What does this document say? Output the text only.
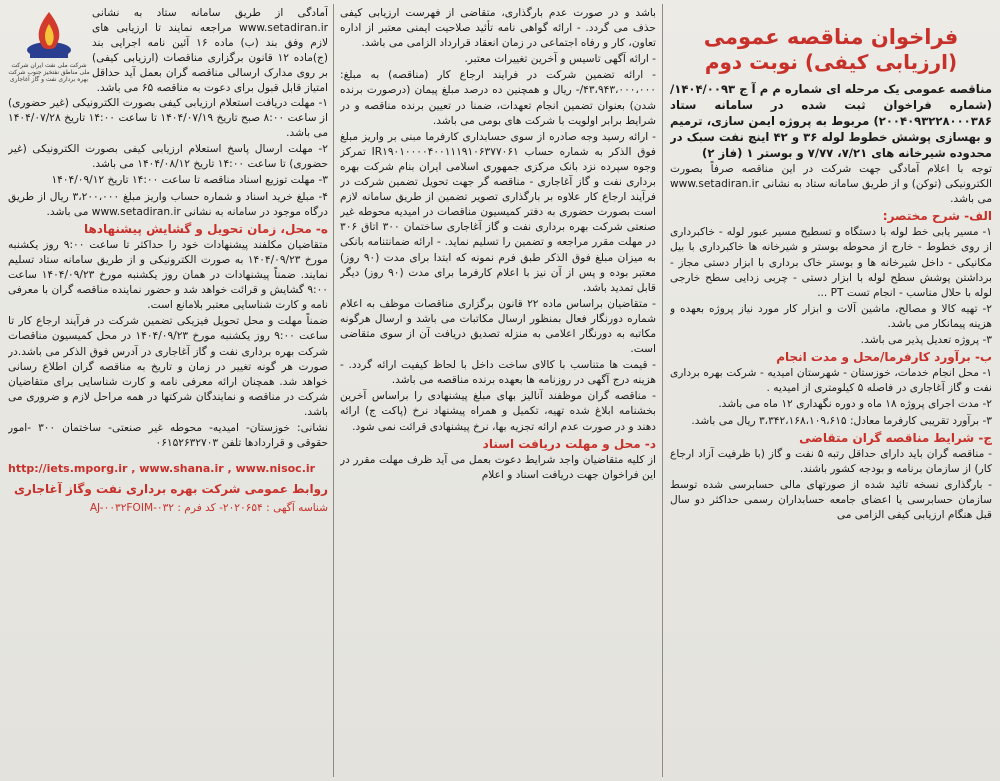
فراخوان مناقصه عمومی
(ارزیابی کیفی) نوبت دوم

مناقصه عمومی یک مرحله ای شماره م م آ ج ۱۴۰۴/۰۰۹۳/ (شماره فراخوان ثبت شده در سامانه ستاد ۲۰۰۴۰۹۳۲۲۸۰۰۰۳۸۶) مربوط به پروژه ایمن سازی، ترمیم و بهسازی پوشش خطوط لوله ۳۶ و ۴۲ اینچ نفت سبک در محدوده شیرخانه های ۷/۲۱، ۷/۷۷ و بوستر ۱ (فاز ۲)

توجه با اعلام آمادگی جهت شرکت در این مناقصه صرفاً بصورت الکترونیکی (توکن) و از طریق سامانه ستاد به نشانی www.setadiran.ir می باشد.

الف- شرح مختصر:

۱- مسیر یابی خط لوله با دستگاه و تسطیح مسیر عبور لوله - خاکبرداری از روی خطوط - خارج از محوطه بوستر و شیرخانه ها خاکبرداری با بیل مکانیکی - داخل شیرخانه ها و بوستر خاک برداری با ابزار دستی مجاز - برداشتن پوشش سطح لوله با ابزار دستی - چربی زدایی سطح خارجی لوله با حلال مناسب - انجام تست PT ...

۲- تهیه کالا و مصالح، ماشین آلات و ابزار کار مورد نیاز پروژه بعهده و هزینه پیمانکار می باشد.

۳- پروژه تعدیل پذیر می باشد.

ب- برآورد کارفرما/محل و مدت انجام

۱- محل انجام خدمات، خوزستان - شهرستان امیدیه - شرکت بهره برداری نفت و گاز آغاجاری در فاصله ۵ کیلومتری از امیدیه .

۲- مدت اجرای پروژه ۱۸ ماه و دوره نگهداری ۱۲ ماه می باشد.

۳- برآورد تقریبی کارفرما معادل: ۳،۳۴۲،۱۶۸،۱۰۹،۶۱۵ ریال می باشد.

ج- شرایط مناقصه گران متقاضی

- مناقصه گران باید دارای حداقل رتبه ۵ نفت و گاز (با ظرفیت آزاد ارجاع کار) از سازمان برنامه و بودجه کشور باشند.

- بارگذاری نسخه تائید شده از صورتهای مالی حسابرسی شده توسط سازمان حسابرسی یا اعضای جامعه حسابداران رسمی حداکثر دو سال قبل هنگام ارزیابی کیفی الزامی می

باشد و در صورت عدم بارگذاری، متقاضی از فهرست ارزیابی کیفی حذف می گردد. - ارائه گواهی نامه تأئید صلاحیت ایمنی معتبر از اداره تعاون، کار و رفاه اجتماعی در زمان انعقاد قرارداد الزامی می باشد.

- ارائه آگهی تاسیس و آخرین تغییرات معتبر.

- ارائه تضمین شرکت در فرایند ارجاع کار (مناقصه) به مبلغ: ۴۳،۹۴۳،۰۰۰،۰۰۰/- ریال و همچنین ده درصد مبلغ پیمان (درصورت برنده شدن) بعنوان تضمین انجام تعهدات، ضمنا در تعیین برنده مناقصه و در شرایط برابر اولویت با شرکت های بومی می باشد.

- ارائه رسید وجه صادره از سوی حسابداری کارفرما مبنی بر واریز مبلغ فوق الذکر به شماره حساب IR۱۹۰۱۰۰۰۰۴۰۰۱۱۱۹۱۰۶۳۷۷۰۶۱ تمرکز وجوه سپرده نزد بانک مرکزی جمهوری اسلامی ایران بنام شرکت بهره برداری نفت و گاز آغاجاری - مناقصه گر جهت تحویل تضمین شرکت در فرآیند ارجاع کار علاوه بر بارگذاری تصویر تضمین از طریق سامانه لازم است بصورت حضوری به دفتر کمیسیون مناقصات در امیدیه محوطه غیر صنعتی شرکت بهره برداری نفت و گاز آغاجاری ساختمان ۳۰۰ اتاق ۳۰۶ در مهلت مقرر مراجعه و تضمین را تسلیم نماید. - ارائه ضمانتنامه بانکی به میزان مبلغ فوق الذکر طبق فرم نمونه که ابتدا برای مدت (۹۰ روز) معتبر بوده و پس از آن نیز با اعلام کارفرما برای مدت (۹۰ روز) دیگر قابل تمدید باشد.

- متقاضیان براساس ماده ۲۲ قانون برگزاری مناقصات موظف به اعلام شماره دورنگار فعال بمنظور ارسال مکاتبات می باشد و ارسال هرگونه مکاتبه به دورنگار اعلامی به منزله تصدیق دریافت آن از سوی متقاضی است.

- قیمت ها متناسب با کالای ساخت داخل با لحاظ کیفیت ارائه گردد. - هزینه درج آگهی در روزنامه ها بعهده برنده مناقصه می باشد.

- مناقصه گران موظفند آنالیز بهای مبلغ پیشنهادی را براساس آخرین بخشنامه ابلاغ شده تهیه، تکمیل و همراه پیشنهاد نرخ (پاکت ج) ارائه دهند و در صورت عدم ارائه تجزیه بها، نرخ پیشنهادی قرائت نمی شود.

د- محل و مهلت دریافت اسناد

از کلیه متقاضیان واجد شرایط دعوت بعمل می آید ظرف مهلت مقرر در این فراخوان جهت دریافت اسناد و اعلام

شرکت ملی نفت ایران شرکت ملی مناطق نفتخیز جنوب شرکت بهره برداری نفت و گاز آغاجاری

آمادگی از طریق سامانه ستاد به نشانی www.setadiran.ir مراجعه نمایند تا ارزیابی های لازم وفق بند (ب) ماده ۱۶ آئین نامه اجرایی بند (ج)ماده ۱۲ قانون برگزاری مناقصات (ارزیابی کیفی) بر روی مدارک ارسالی مناقصه گران بعمل آید حداقل امتیاز قابل قبول برای دعوت به مناقصه ۶۵ می باشد.

۱- مهلت دریافت استعلام ارزیابی کیفی بصورت الکترونیکی (غیر حضوری) از ساعت ۸:۰۰ صبح تاریخ ۱۴۰۴/۰۷/۱۹ تا ساعت ۱۴:۰۰ تاریخ ۱۴۰۴/۰۷/۲۸ می باشد.

۲- مهلت ارسال پاسخ استعلام ارزیابی کیفی بصورت الکترونیکی (غیر حضوری) تا ساعت ۱۴:۰۰ تاریخ ۱۴۰۴/۰۸/۱۲ می باشد.

۳- مهلت توزیع اسناد مناقصه تا ساعت ۱۴:۰۰ تاریخ ۱۴۰۴/۰۹/۱۲

۴- مبلغ خرید اسناد و شماره حساب واریز مبلغ ۳،۲۰۰،۰۰۰ ریال از طریق درگاه موجود در سامانه به نشانی www.setadiran.ir می باشد.

ه- محل، زمان تحویل و گشایش پیشنهادها

متقاضیان مکلفند پیشنهادات خود را حداکثر تا ساعت ۹:۰۰ روز یکشنبه مورخ ۱۴۰۴/۰۹/۲۳ به صورت الکترونیکی و از طریق سامانه ستاد تسلیم نمایند. ضمناً پیشنهادات در همان روز یکشنبه مورخ ۱۴۰۴/۰۹/۲۳ ساعت ۹:۰۰ گشایش و قرائت خواهد شد و حضور نماینده مناقصه گران با معرفی نامه و کارت شناسایی معتبر بلامانع است.

ضمناً مهلت و محل تحویل فیزیکی تضمین شرکت در فرآیند ارجاع کار تا ساعت ۹:۰۰ روز یکشنبه مورخ ۱۴۰۴/۰۹/۲۳ در محل کمیسیون مناقصات شرکت بهره برداری نفت و گاز آغاجاری در آدرس فوق الذکر می باشد.در صورت هر گونه تغییر در زمان و تاریخ به مناقصه گران اطلاع رسانی خواهد شد. همچنان ارائه معرفی نامه و کارت شناسایی برای متقاضیان شرکت در مناقصه و نمایندگان شرکتها در همه مراحل لازم و ضروری می باشد.

نشانی: خوزستان- امیدیه- محوطه غیر صنعتی- ساختمان ۳۰۰ -امور حقوقی و قراردادها تلفن ۰۶۱۵۲۶۳۲۷۰۳

http://iets.mporg.ir , www.shana.ir , www.nisoc.ir
روابط عمومی شرکت بهره برداری نفت وگاز آغاجاری
شناسه آگهی : ۲۰۲۰۶۵۴- کد فرم : AJ-۰۰۳۲FOIM-۰۳۲
